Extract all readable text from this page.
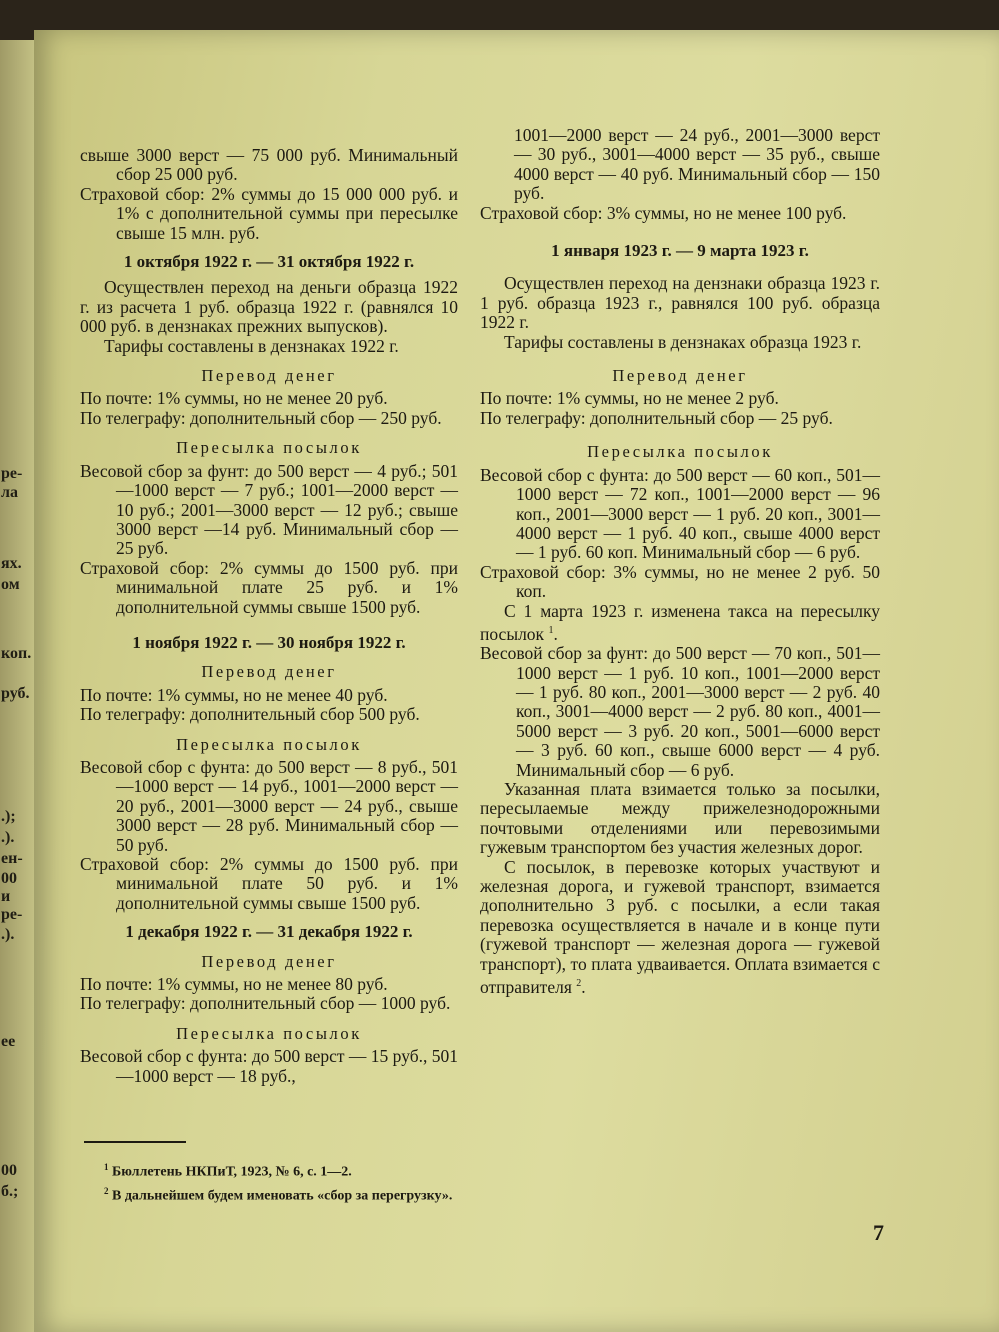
ях.
ом
ре-
ла
коп.
руб.
.);
.).
ен-
00
и
ре-
.).
ее
00
б.;

свыше 3000 верст — 75 000 руб. Минимальный сбор 25 000 руб.

Страховой сбор: 2% суммы до 15 000 000 руб. и 1% с дополнительной суммы при пересылке свыше 15 млн. руб.

1 октября 1922 г. — 31 октября 1922 г.

Осуществлен переход на деньги образца 1922 г. из расчета 1 руб. образца 1922 г. (равнялся 10 000 руб. в дензнаках прежних выпусков).

Тарифы составлены в дензнаках 1922 г.

Перевод денег

По почте: 1% суммы, но не менее 20 руб.

По телеграфу: дополнительный сбор — 250 руб.

Пересылка посылок

Весовой сбор за фунт: до 500 верст — 4 руб.; 501—1000 верст — 7 руб.; 1001—2000 верст — 10 руб.; 2001—3000 верст — 12 руб.; свыше 3000 верст —14 руб. Минимальный сбор — 25 руб.

Страховой сбор: 2% суммы до 1500 руб. при минимальной плате 25 руб. и 1% дополнительной суммы свыше 1500 руб.

1 ноября 1922 г. — 30 ноября 1922 г.

Перевод денег

По почте: 1% суммы, но не менее 40 руб.

По телеграфу: дополнительный сбор 500 руб.

Пересылка посылок

Весовой сбор с фунта: до 500 верст — 8 руб., 501—1000 верст — 14 руб., 1001—2000 верст — 20 руб., 2001—3000 верст — 24 руб., свыше 3000 верст — 28 руб. Минимальный сбор — 50 руб.

Страховой сбор: 2% суммы до 1500 руб. при минимальной плате 50 руб. и 1% дополнительной суммы свыше 1500 руб.

1 декабря 1922 г. — 31 декабря 1922 г.

Перевод денег

По почте: 1% суммы, но не менее 80 руб.

По телеграфу: дополнительный сбор — 1000 руб.

Пересылка посылок

Весовой сбор с фунта: до 500 верст — 15 руб., 501—1000 верст — 18 руб.,

1001—2000 верст — 24 руб., 2001—3000 верст — 30 руб., 3001—4000 верст — 35 руб., свыше 4000 верст — 40 руб. Минимальный сбор — 150 руб.

Страховой сбор: 3% суммы, но не менее 100 руб.

1 января 1923 г. — 9 марта 1923 г.

Осуществлен переход на дензнаки образца 1923 г. 1 руб. образца 1923 г., равнялся 100 руб. образца 1922 г.

Тарифы составлены в дензнаках образца 1923 г.

Перевод денег

По почте: 1% суммы, но не менее 2 руб.

По телеграфу: дополнительный сбор — 25 руб.

Пересылка посылок

Весовой сбор с фунта: до 500 верст — 60 коп., 501—1000 верст — 72 коп., 1001—2000 верст — 96 коп., 2001—3000 верст — 1 руб. 20 коп., 3001—4000 верст — 1 руб. 40 коп., свыше 4000 верст — 1 руб. 60 коп. Минимальный сбор — 6 руб.

Страховой сбор: 3% суммы, но не менее 2 руб. 50 коп.

С 1 марта 1923 г. изменена такса на пересылку посылок $^1$.

Весовой сбор за фунт: до 500 верст — 70 коп., 501—1000 верст — 1 руб. 10 коп., 1001—2000 верст — 1 руб. 80 коп., 2001—3000 верст — 2 руб. 40 коп., 3001—4000 верст — 2 руб. 80 коп., 4001—5000 верст — 3 руб. 20 коп., 5001—6000 верст — 3 руб. 60 коп., свыше 6000 верст — 4 руб. Минимальный сбор — 6 руб.

Указанная плата взимается только за посылки, пересылаемые между прижелезнодорожными почтовыми отделениями или перевозимыми гужевым транспортом без участия железных дорог.

С посылок, в перевозке которых участвуют и железная дорога, и гужевой транспорт, взимается дополнительно 3 руб. с посылки, а если такая перевозка осуществляется в начале и в конце пути (гужевой транспорт — железная дорога — гужевой транспорт), то плата удваивается. Оплата взимается с отправителя $^2$.

$^1$ Бюллетень НКПиТ, 1923, № 6, с. 1—2.
$^2$ В дальнейшем будем именовать «сбор за перегрузку».
7
